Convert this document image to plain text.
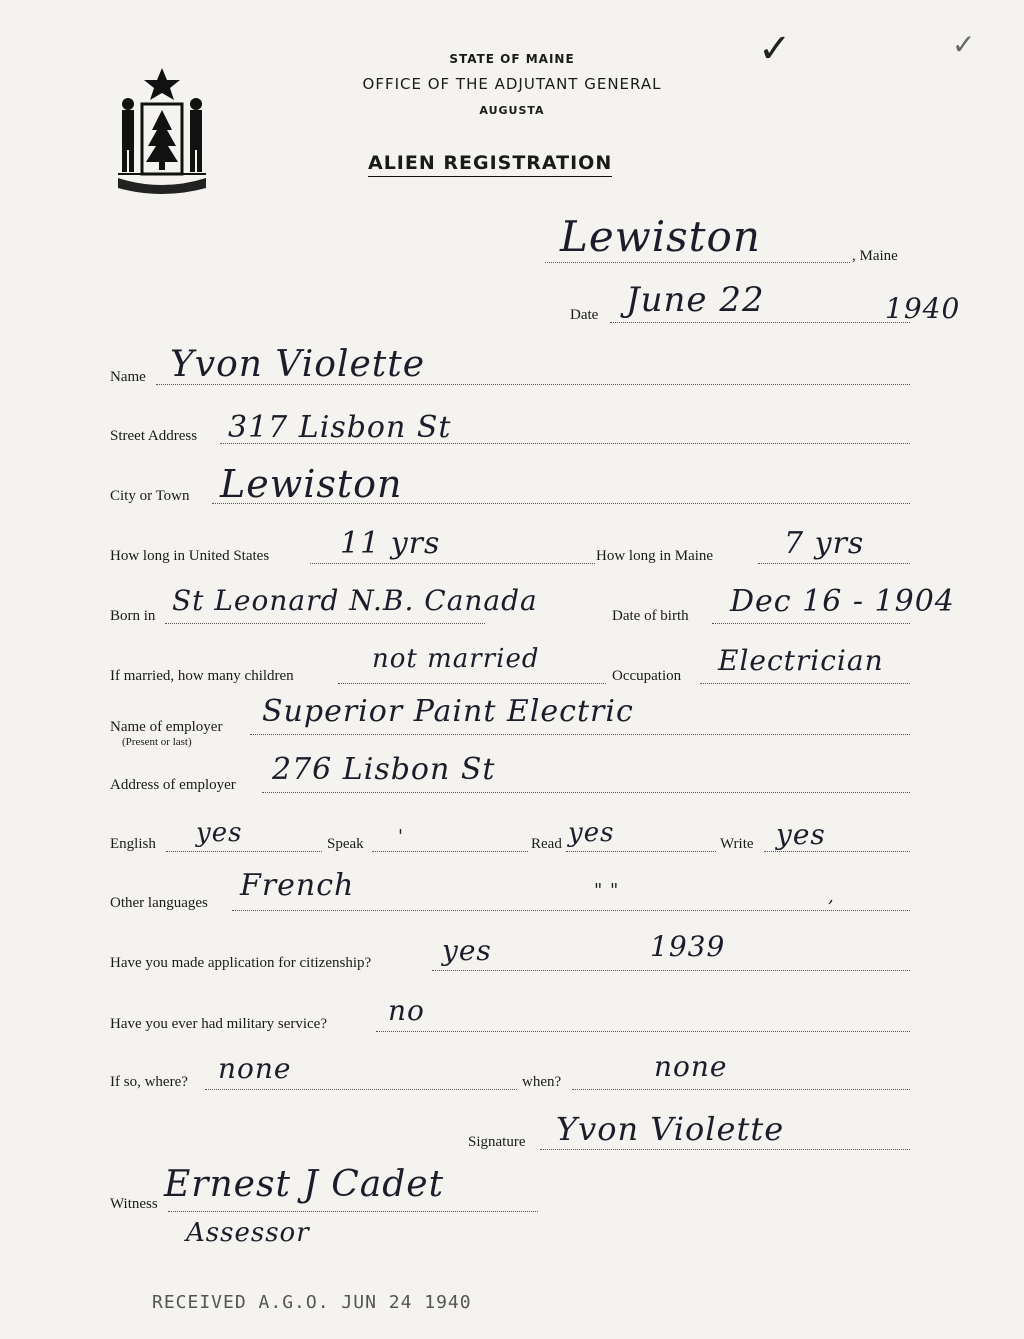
✓	✓
STATE OF MAINE
OFFICE OF THE ADJUTANT GENERAL
AUGUSTA
ALIEN REGISTRATION
Lewiston	, Maine
Date June 22	1940
Name Yvon Violette
Street Address 317 Lisbon St
City or Town Lewiston
How long in United States 11 yrs	How long in Maine 7 yrs
Born in St Leonard N.B. Canada	Date of birth Dec 16 - 1904
If married, how many children
not married
Occupation Electrician
Name of employer
(Present or last)
Superior Paint Electric
Address of employer 276 Lisbon St
English yes	Speak '	Read yes	Write yes
Other languages French	" "	,
Have you made application for citizenship?	yes	1939
Have you ever had military service? no
If so, where? none	when?	none
Signature Yvon Violette
Witness Ernest J Cadet
Assessor
RECEIVED A.G.O. JUN 24 1940
